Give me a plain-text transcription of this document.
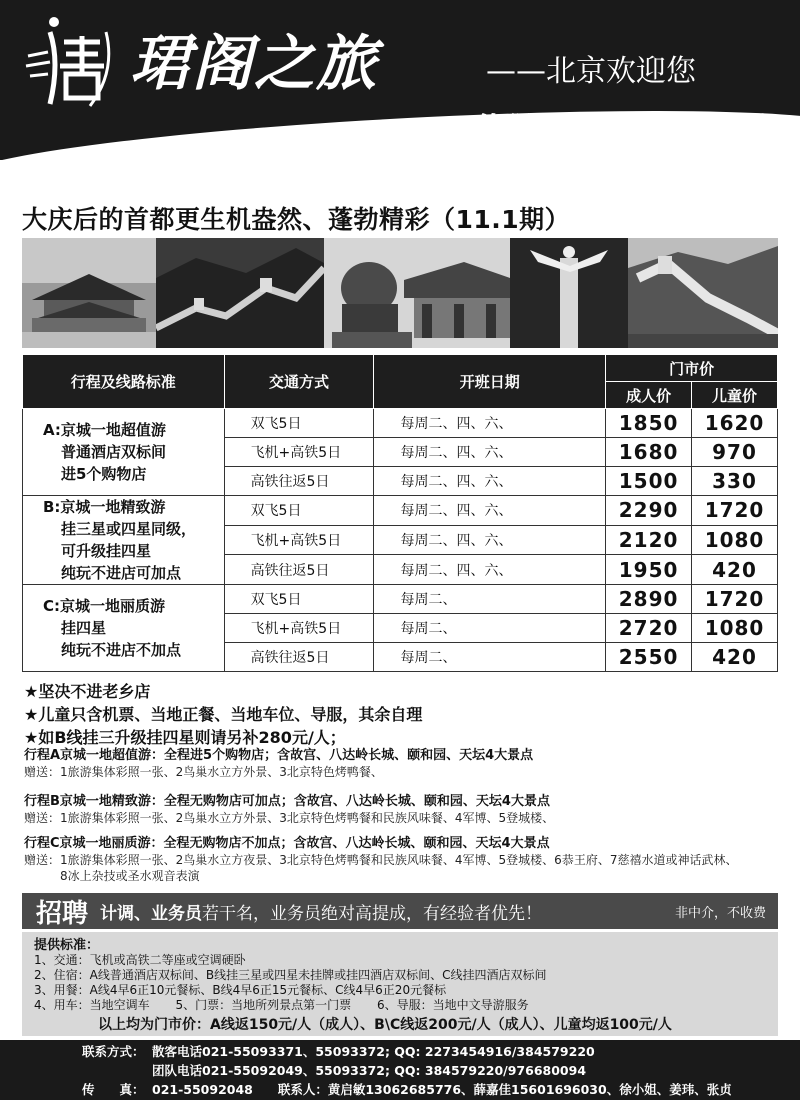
珺阁之旅	——北京欢迎您
值得您信赖的合作伙伴
大庆后的首都更生机盎然、蓬勃精彩（11.1期）
行程及线路标准	交通方式	开班日期	门市价	
			成人价	儿童价

A:京城一地超值游
普通酒店双标间
进5个购物店	双飞5日	每周二、四、六、	1850	1620
	飞机+高铁5日	每周二、四、六、	1680	970
	高铁往返5日	每周二、四、六、	1500	330

B:京城一地精致游
挂三星或四星同级，
可升级挂四星
纯玩不进店可加点	双飞5日	每周二、四、六、	2290	1720
	飞机+高铁5日	每周二、四、六、	2120	1080
	高铁往返5日	每周二、四、六、	1950	420

C:京城一地丽质游
挂四星
纯玩不进店不加点	双飞5日	每周二、	2890	1720
	飞机+高铁5日	每周二、	2720	1080
	高铁往返5日	每周二、	2550	420
★坚决不进老乡店
★儿童只含机票、当地正餐、当地车位、导服，其余自理
★如B线挂三升级挂四星则请另补280元/人；
行程A京城一地超值游：全程进5个购物店；含故宫、八达岭长城、颐和园、天坛4大景点
赠送：1旅游集体彩照一张、2鸟巢水立方外景、3北京特色烤鸭餐、
行程B京城一地精致游：全程无购物店可加点；含故宫、八达岭长城、颐和园、天坛4大景点
赠送：1旅游集体彩照一张、2鸟巢水立方外景、3北京特色烤鸭餐和民族风味餐、4军博、5登城楼、
行程C京城一地丽质游：全程无购物店不加点；含故宫、八达岭长城、颐和园、天坛4大景点
赠送：1旅游集体彩照一张、2鸟巢水立方夜景、3北京特色烤鸭餐和民族风味餐、4军博、5登城楼、6恭王府、7慈禧水道或神话武林、
8冰上杂技或圣水观音表演
招聘 计调、业务员若干名，业务员绝对高提成，有经验者优先！	非中介，不收费
提供标准：
1、交通：飞机或高铁二等座或空调硬卧
2、住宿：A线普通酒店双标间、B线挂三星或四星未挂牌或挂四酒店双标间、C线挂四酒店双标间
3、用餐：A线4早6正10元餐标、B线4早6正15元餐标、C线4早6正20元餐标
4、用车：当地空调车 5、门票：当地所列景点第一门票 6、导服：当地中文导游服务
以上均为门市价：A线返150元/人（成人）、B\C线返200元/人（成人）、儿童均返100元/人
联系方式： 散客电话021-55093371、55093372; QQ: 2273454916/384579220
团队电话021-55092049、55093372; QQ: 384579220/976680094
传　　真： 021-55092048　　联系人：黄启敏13062685776、薛嘉佳15601696030、徐小姐、姜玮、张贞
